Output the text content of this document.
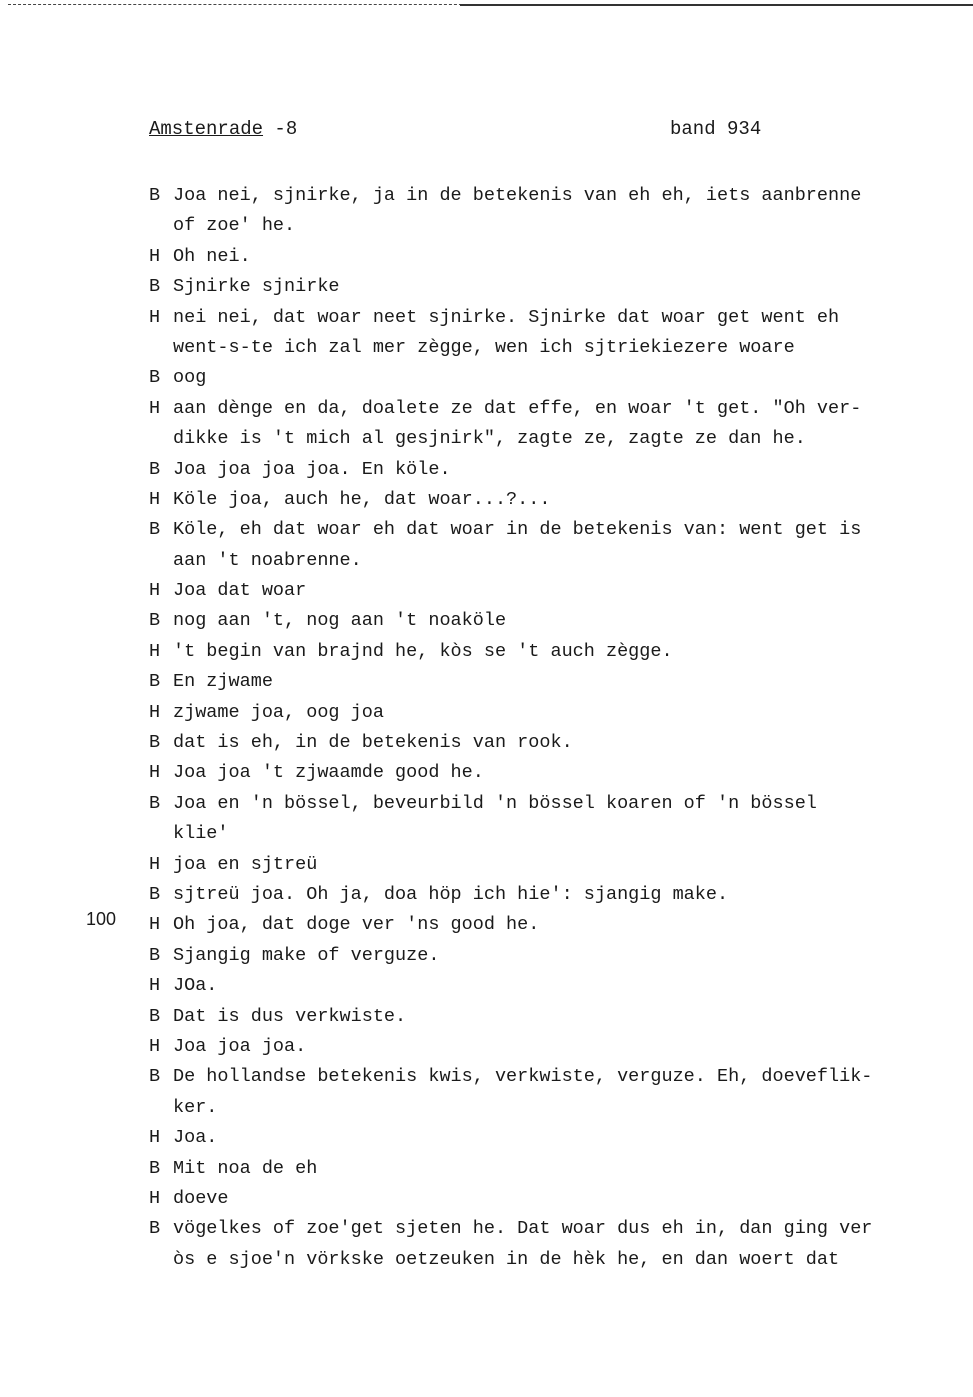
Amstenrade -8	band 934
100
B Joa nei, sjnirke, ja in de betekenis van eh eh, iets aanbrenne
of zoe' he.
H Oh nei.
B Sjnirke sjnirke
H nei nei, dat woar neet sjnirke. Sjnirke dat woar get went eh
went-s-te ich zal mer zègge, wen ich sjtriekiezere woare
B oog
H aan dènge en da, doalete ze dat effe, en woar 't get. "Oh ver-
dikke is 't mich al gesjnirk", zagte ze, zagte ze dan he.
B Joa joa joa joa. En köle.
H Köle joa, auch he, dat woar...?...
B Köle, eh dat woar eh dat woar in de betekenis van: went get is
aan 't noabrenne.
H Joa dat woar
B nog aan 't, nog aan 't noaköle
H 't begin van brajnd he, kòs se 't auch zègge.
B En zjwame
H zjwame joa, oog joa
B dat is eh, in de betekenis van rook.
H Joa joa 't zjwaamde good he.
B Joa en 'n bössel, beveurbild 'n bössel koaren of 'n bössel
klie'
H joa en sjtreü
B sjtreü joa. Oh ja, doa höp ich hie': sjangig make.
H Oh joa, dat doge ver 'ns good he.
B Sjangig make of verguze.
H JOa.
B Dat is dus verkwiste.
H Joa joa joa.
B De hollandse betekenis kwis, verkwiste, verguze. Eh, doeveflik-
ker.
H Joa.
B Mit noa de eh
H doeve
B vögelkes of zoe'get sjeten he. Dat woar dus eh in, dan ging ver
òs e sjoe'n vörkske oetzeuken in de hèk he, en dan woert dat
